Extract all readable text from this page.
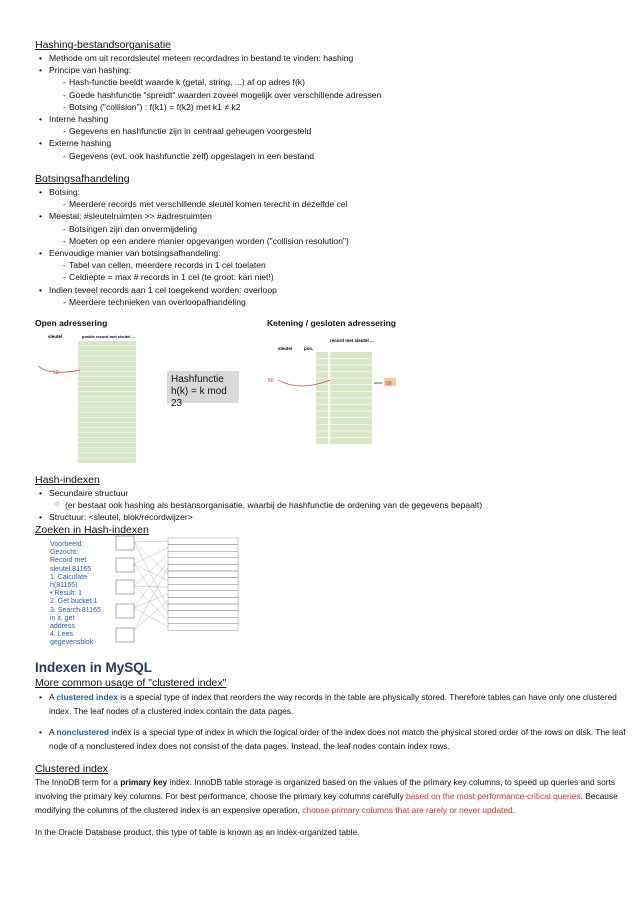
Hashing-bestandsorganisatie
• Methode om uit recordsleutel meteen recordadres in bestand te vinden: hashing
• Principe van hashing:
- Hash-functie beeldt waarde k (getal, string, ...) af op adres f(k)
- Goede hashfunctie "spreidt" waarden zoveel mogelijk over verschillende adressen
- Botsing ("collision") : f(k1) = f(k2) met k1 ≠ k2
• Interne hashing
- Gegevens en hashfunctie zijn in centraal geheugen voorgesteld
• Externe hashing
- Gegevens (evt. ook hashfunctie zelf) opgeslagen in een bestand
Botsingsafhandeling
• Botsing:
- Meerdere records met verschillende sleutel komen terecht in dezelfde cel
• Meestal: #sleutelruimten >> #adresruimten
- Botsingen zijn dan onvermijdeling
- Moeten op een andere manier opgevangen worden ("collision resolution")
• Eenvoudige manier van botsingsafhandeling:
- Tabel van cellen, meerdere records in 1 cel toelaten
- Celdiepte = max # records in 1 cel (te groot: kan niet!)
• Indien teveel records aan 1 cel toegekend worden: overloop
- Meerdere technieken van overloopafhandeling
Open adressering	Ketening / gesloten adressering
sleutel	positie record met sleutel ...
50
Hashfunctie
h(k) = k mod 23
record met sleutel ...
sleutel	pos.
50
50
Hash-indexen
• Secundaire structuur
○ (er bestaat ook hashing als bestansorganisatie, waarbij de hashfunctie de ordening van de gegevens bepaalt)
• Structuur: <sleutel, blok/recordwijzer>
Zoeken in Hash-indexen
Voorbeeld:
Gezocht:
Record met
sleutel 81165
1. Calculate
h(81165)
• Result: 1
2. Get bucket 1
3. Search 81165
in it, get
address
4. Lees
gegevensblok
Indexen in MySQL
More common usage of "clustered index"
• A clustered index is a special type of index that reorders the way records in the table are physically stored. Therefore tables can have only one clustered index. The leaf nodes of a clustered index contain the data pages.
• A nonclustered index is a special type of index in which the logical order of the index does not match the physical stored order of the rows on disk. The leaf node of a nonclustered index does not consist of the data pages. Instead, the leaf nodes contain index rows.
Clustered index
The InnoDB term for a primary key index. InnoDB table storage is organized based on the values of the primary key columns, to speed up queries and sorts involving the primary key columns. For best performance, choose the primary key columns carefully based on the most performance-critical queries. Because modifying the columns of the clustered index is an expensive operation, choose primary columns that are rarely or never updated.
In the Oracle Database product, this type of table is known as an index-organized table.
